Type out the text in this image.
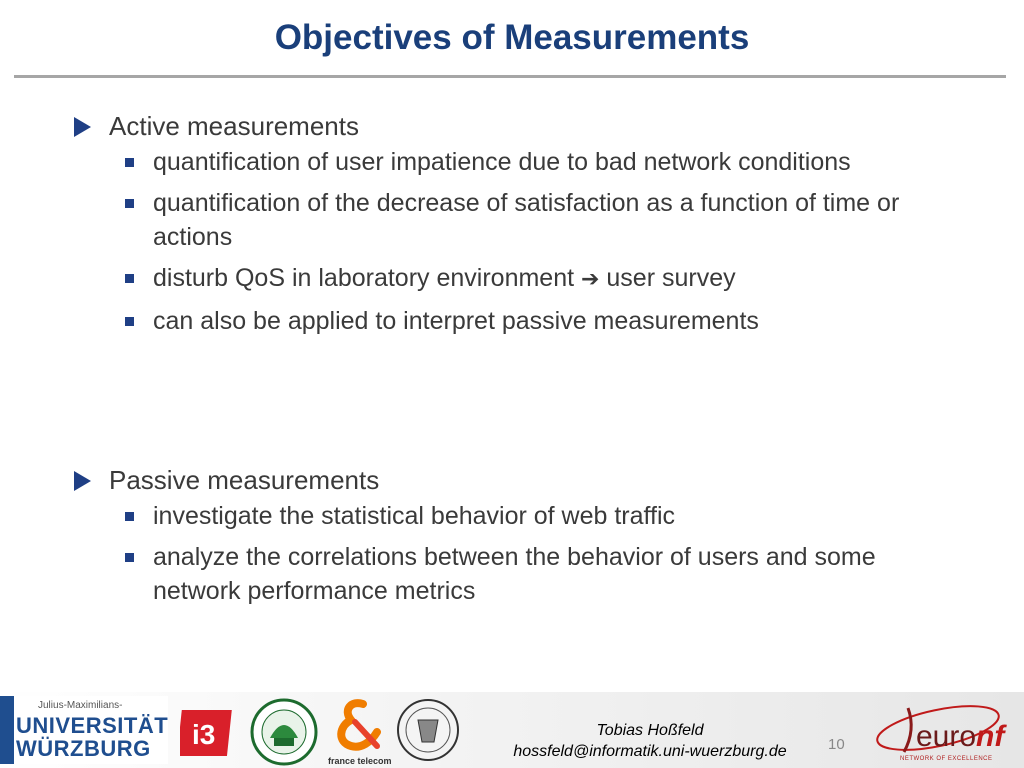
Objectives of Measurements
Active measurements
quantification of user impatience due to bad network conditions
quantification of the decrease of satisfaction as a function of time or actions
disturb QoS in laboratory environment ➔ user survey
can also be applied to interpret passive measurements
Passive measurements
investigate the statistical behavior of web traffic
analyze the correlations between the behavior of users and some network performance metrics
Julius-Maximilians-
UNIVERSITÄT
WÜRZBURG i3
france telecom
Tobias Hoßfeld
hossfeld@informatik.uni-wuerzburg.de	10 euronf
NETWORK OF EXCELLENCE
